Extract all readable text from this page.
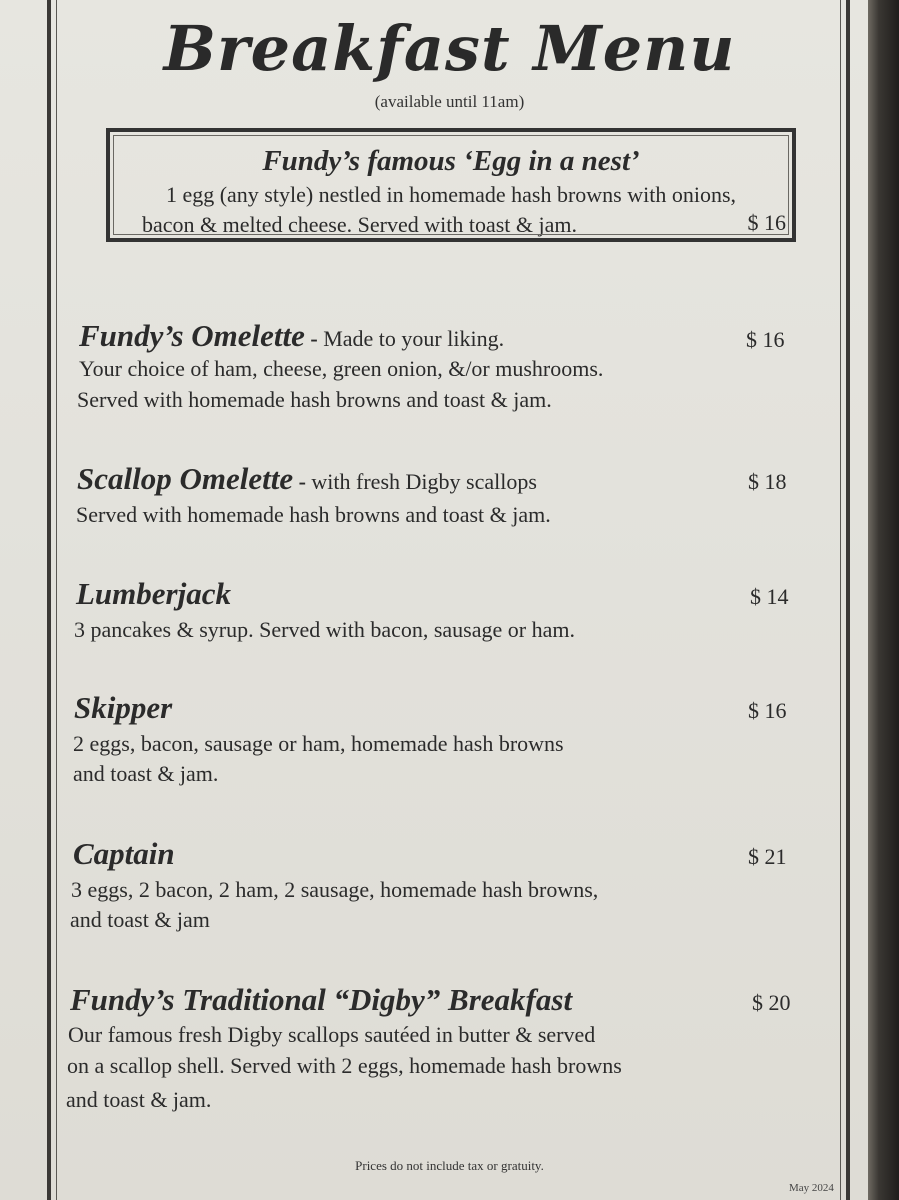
Breakfast Menu
(available until 11am)
Fundy’s famous ‘Egg in a nest’
1 egg (any style) nestled in homemade hash browns with onions,
bacon & melted cheese. Served with toast & jam.	$ 16
Fundy’s Omelette - Made to your liking.	$ 16
Your choice of ham, cheese, green onion, &/or mushrooms.
Served with homemade hash browns and toast & jam.
Scallop Omelette - with fresh Digby scallops	$ 18
Served with homemade hash browns and toast & jam.
Lumberjack	$ 14
3 pancakes & syrup. Served with bacon, sausage or ham.
Skipper	$ 16
2 eggs, bacon, sausage or ham, homemade hash browns
and toast & jam.
Captain	$ 21
3 eggs, 2 bacon, 2 ham, 2 sausage, homemade hash browns,
and toast & jam
Fundy’s Traditional “Digby” Breakfast	$ 20
Our famous fresh Digby scallops sautéed in butter & served
on a scallop shell. Served with 2 eggs, homemade hash browns
and toast & jam.
Prices do not include tax or gratuity.
May 2024
